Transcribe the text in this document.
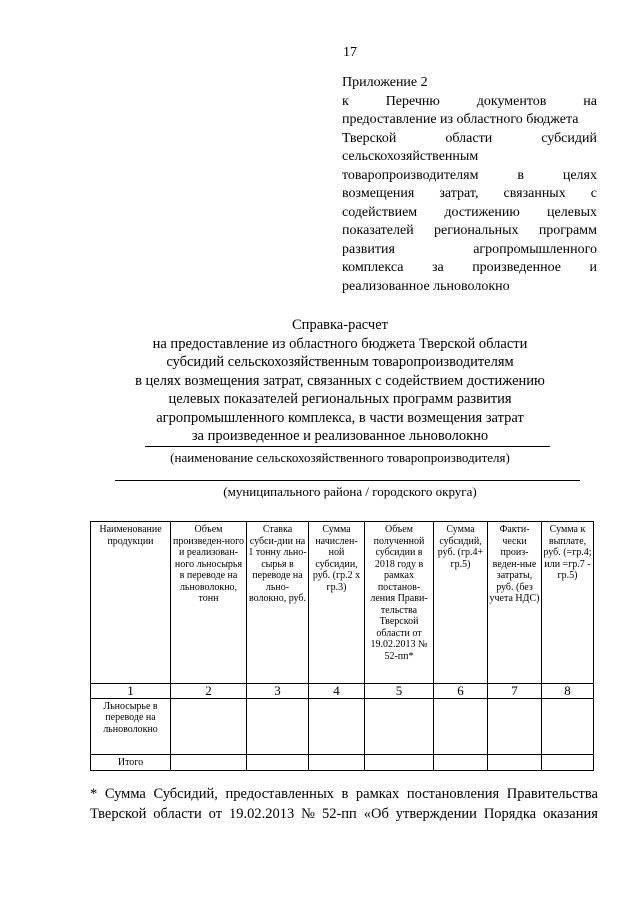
17
Приложение 2
к	Перечню	документов	на
предоставление из областного бюджета
Тверской	области	субсидий
сельскохозяйственным
товаропроизводителям	в	целях
возмещения затрат, связанных с
содействием достижению целевых
показателей региональных программ
развития	агропромышленного
комплекса за произведенное и
реализованное льноволокно
Справка-расчет
на предоставление из областного бюджета Тверской области
субсидий сельскохозяйственным товаропроизводителям
в целях возмещения затрат, связанных с содействием достижению
целевых показателей региональных программ развития
агропромышленного комплекса, в части возмещения затрат
за произведенное и реализованное льноволокно
(наименование сельскохозяйственного товаропроизводителя)
(муниципального района / городского округа)
Наименование продукции	Объем произведен-ного и реализован-ного льносырья в переводе на льноволокно, тонн	Ставка субси-дии на 1 тонну льно-сырья в переводе на льно-волокно, руб.	Сумма начислен-ной субсидии, руб. (гр.2 х гр.3)	Объем полученной субсидии в 2018 году в рамках постанов-ления Прави-тельства Тверской области от 19.02.2013 № 52-пп*	Сумма субсидий, руб. (гр.4+ гр.5)	Факти-чески произ-веден-ные затраты, руб. (без учета НДС)	Сумма к выплате, руб. (=гр.4; или =гр.7 - гр.5)
1	2	3	4	5	6	7	8
Льносырье в переводе на льноволокно							
Итого							
* Сумма Субсидий, предоставленных в рамках постановления Правительства
Тверской области от 19.02.2013 № 52-пп «Об утверждении Порядка оказания
